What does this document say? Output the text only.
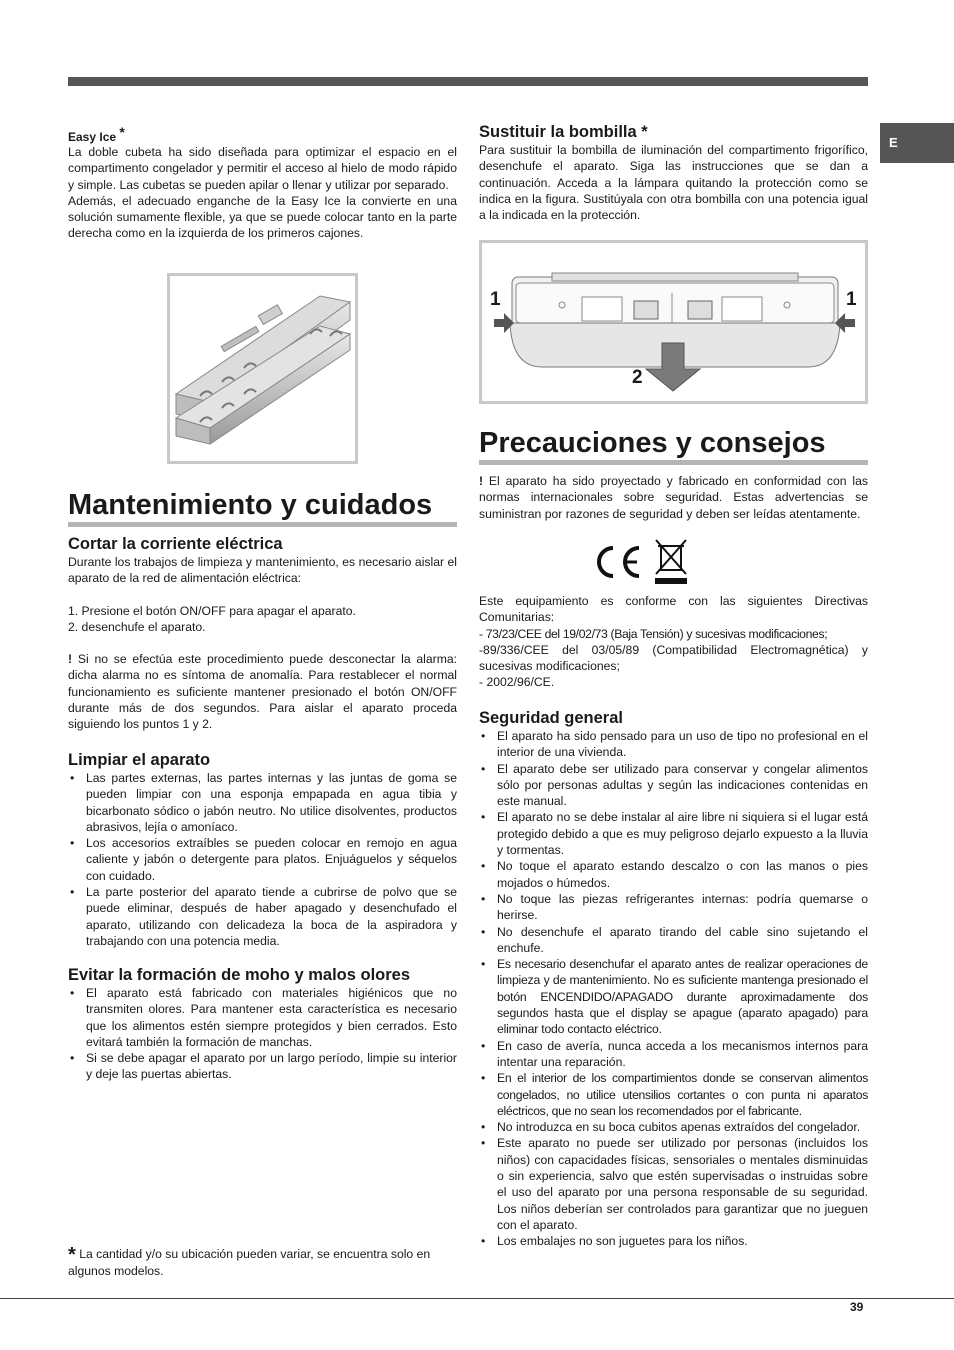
E
Easy Ice *

La doble cubeta ha sido diseñada para optimizar el espacio en el compartimento congelador y permitir el acceso al hielo de modo rápido y simple. Las cubetas se pueden apilar o llenar y utilizar por separado.

Además, el adecuado enganche de la Easy Ice la convierte en una solución sumamente flexible, ya que se puede colocar tanto en la parte derecha como en la izquierda de los primeros cajones.

Mantenimiento y cuidados
Cortar la corriente eléctrica

Durante los trabajos de limpieza y mantenimiento, es necesario aislar el aparato de la red de alimentación eléctrica:

1. Presione el botón ON/OFF para apagar el aparato.

2. desenchufe el aparato.

! Si no se efectúa este procedimiento puede desconectar la alarma: dicha alarma no es síntoma de anomalía. Para restablecer el normal funcionamiento es suficiente mantener presionado el botón ON/OFF durante más de dos segundos. Para aislar el aparato proceda siguiendo los puntos 1 y 2.

Limpiar el aparato
• Las partes externas, las partes internas y las juntas de goma se pueden limpiar con una esponja empapada en agua tibia y bicarbonato sódico o jabón neutro. No utilice disolventes, productos abrasivos, lejía o amoníaco.
• Los accesorios extraíbles se pueden colocar en remojo en agua caliente y jabón o detergente para platos. Enjuáguelos y séquelos con cuidado.
• La parte posterior del aparato tiende a cubrirse de polvo que se puede eliminar, después de haber apagado y desenchufado el aparato, utilizando con delicadeza la boca de la aspiradora y trabajando con una potencia media.
Evitar la formación de moho y malos olores
• El aparato está fabricado con materiales higiénicos que no transmiten olores. Para mantener esta característica es necesario que los alimentos estén siempre protegidos y bien cerrados. Esto evitará también la formación de manchas.
• Si se debe apagar el aparato por un largo período, limpie su interior y deje las puertas abiertas.
* La cantidad y/o su ubicación pueden variar, se encuentra solo en algunos modelos.
Sustituir la bombilla *

Para sustituir la bombilla de iluminación del compartimento frigorífico, desenchufe el aparato. Siga las instrucciones que se dan a continuación. Acceda a la lámpara quitando la protección como se indica en la figura. Sustitúyala con otra bombilla con una potencia igual a la indicada en la protección.

1	1
2
Precauciones y consejos

! El aparato ha sido proyectado y fabricado en conformidad con las normas internacionales sobre seguridad. Estas advertencias se suministran por razones de seguridad y deben ser leídas atentamente.

Este equipamiento es conforme con las siguientes Directivas Comunitarias:

- 73/23/CEE del 19/02/73 (Baja Tensión) y sucesivas modificaciones;

-89/336/CEE del 03/05/89 (Compatibilidad Electromagnética) y sucesivas modificaciones;

- 2002/96/CE.

Seguridad general
• El aparato ha sido pensado para un uso de tipo no profesional en el interior de una vivienda.
• El aparato debe ser utilizado para conservar y congelar alimentos sólo por personas adultas y según las indicaciones contenidas en este manual.
• El aparato no se debe instalar al aire libre ni siquiera si el lugar está protegido debido a que es muy peligroso dejarlo expuesto a la lluvia y tormentas.
• No toque el aparato estando descalzo o con las manos o pies mojados o húmedos.
• No toque las piezas refrigerantes internas: podría quemarse o herirse.
• No desenchufe el aparato tirando del cable sino sujetando el enchufe.
• Es necesario desenchufar el aparato antes de realizar operaciones de limpieza y de mantenimiento. No es suficiente mantenga presionado el botón ENCENDIDO/APAGADO durante aproximadamente dos segundos hasta que el display se apague (aparato apagado) para eliminar todo contacto eléctrico.
• En caso de avería, nunca acceda a los mecanismos internos para intentar una reparación.
• En el interior de los compartimientos donde se conservan alimentos congelados, no utilice utensilios cortantes o con punta ni aparatos eléctricos, que no sean los recomendados por el fabricante.
• No introduzca en su boca cubitos apenas extraídos del congelador.
• Este aparato no puede ser utilizado por personas (incluidos los niños) con capacidades físicas, sensoriales o mentales disminuidas o sin experiencia, salvo que estén supervisadas o instruidas sobre el uso del aparato por una persona responsable de su seguridad. Los niños deberían ser controlados para garantizar que no jueguen con el aparato.
• Los embalajes no son juguetes para los niños.
39
